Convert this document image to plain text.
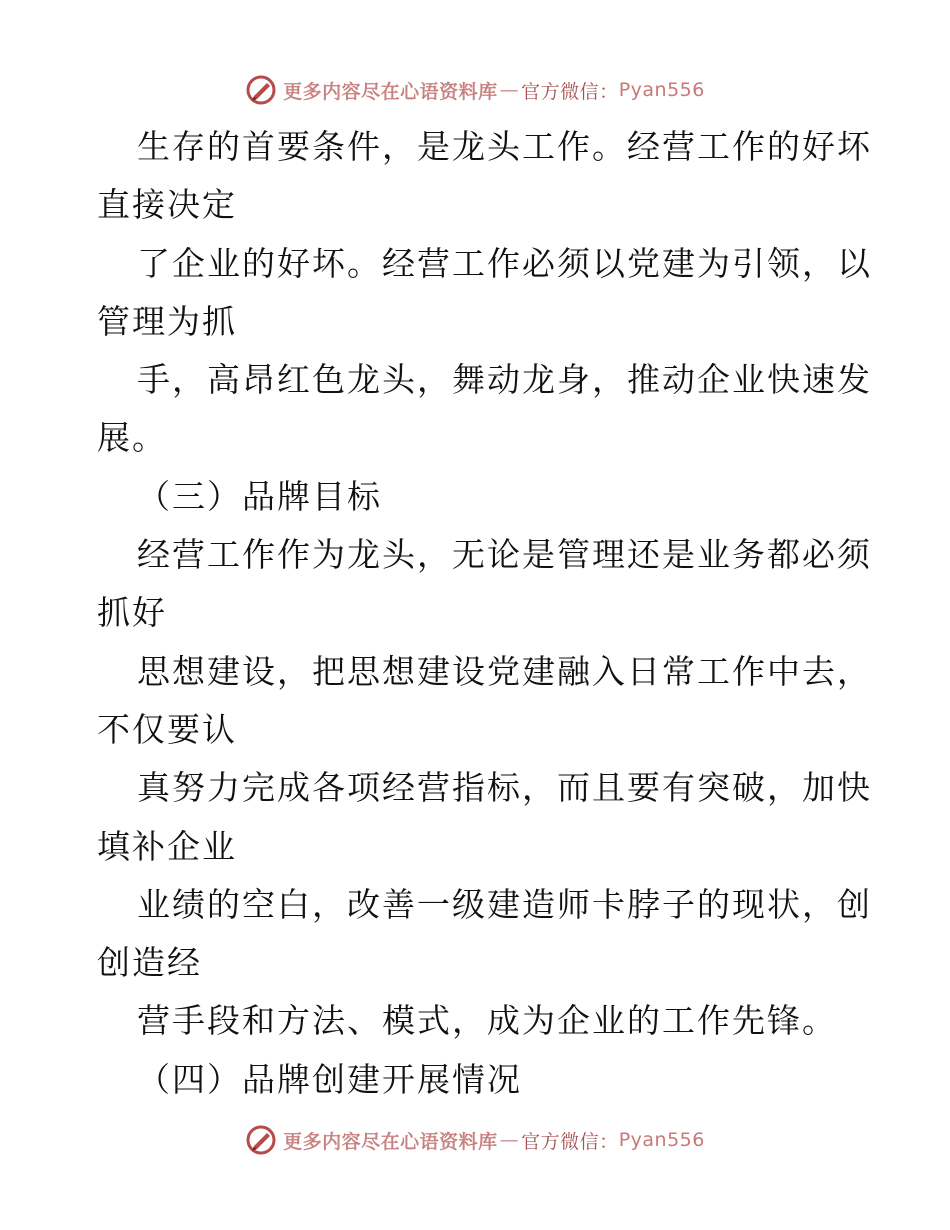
更多内容尽在心语资料库 — 官方微信： Pyan556
生存的首要条件，是龙头工作。经营工作的好坏
直接决定
了企业的好坏。经营工作必须以党建为引领，以
管理为抓
手，高昂红色龙头，舞动龙身，推动企业快速发
展。
（三）品牌目标
经营工作作为龙头，无论是管理还是业务都必须
抓好
思想建设，把思想建设党建融入日常工作中去，
不仅要认
真努力完成各项经营指标，而且要有突破，加快
填补企业
业绩的空白，改善一级建造师卡脖子的现状，创
创造经
营手段和方法、模式，成为企业的工作先锋。
（四）品牌创建开展情况
更多内容尽在心语资料库 — 官方微信： Pyan556
